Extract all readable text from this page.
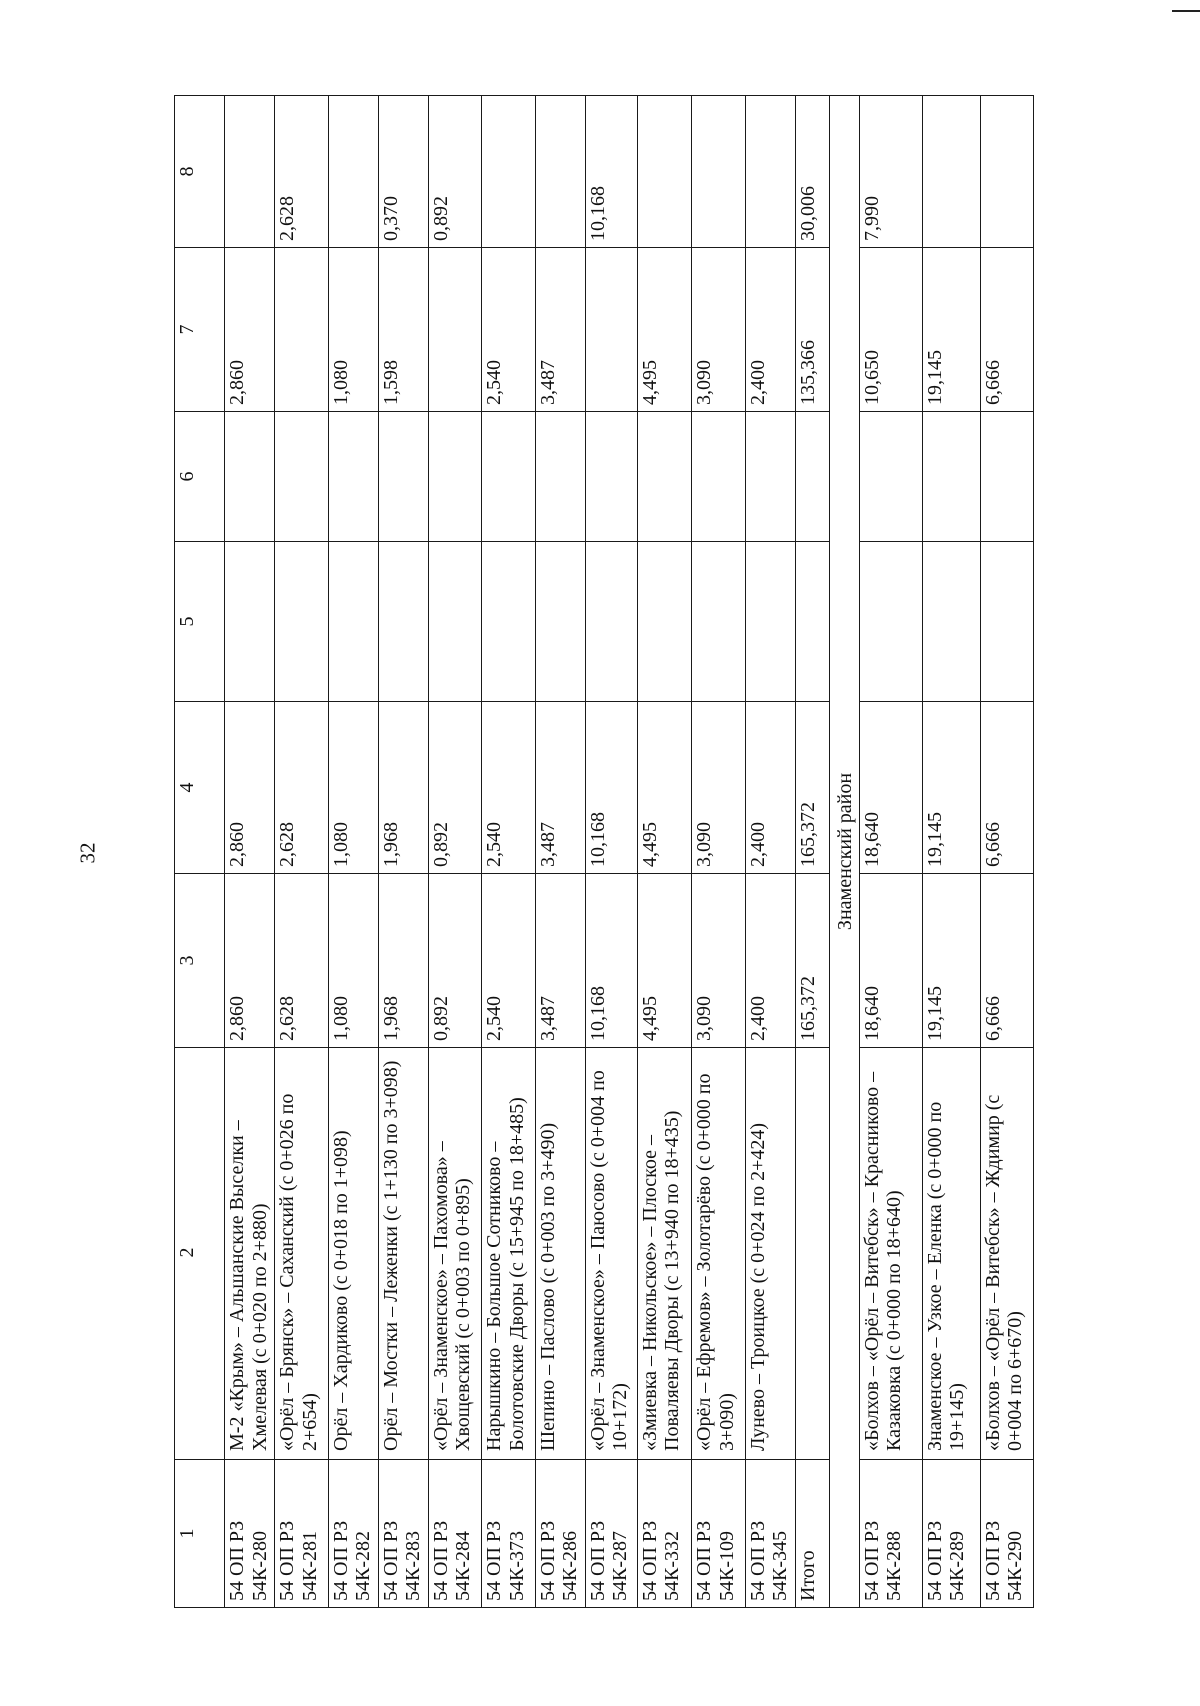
32
1	2	3	4	5	6	7	8
54 ОП РЗ 54К-280	М-2 «Крым» – Альшанские Выселки – Хмелевая (с 0+020 по 2+880)	2,860	2,860			2,860	
54 ОП РЗ 54К-281	«Орёл – Брянск» – Саханский (с 0+026 по 2+654)	2,628	2,628				2,628
54 ОП РЗ 54К-282	Орёл – Хардиково (с 0+018 по 1+098)	1,080	1,080			1,080	
54 ОП РЗ 54К-283	Орёл – Мостки – Леженки (с 1+130 по 3+098)	1,968	1,968			1,598	0,370
54 ОП РЗ 54К-284	«Орёл – Знаменское» – Пахомова» – Хвощевский (с 0+003 по 0+895)	0,892	0,892				0,892
54 ОП РЗ 54К-373	Нарышкино – Большое Сотниково – Болотовские Дворы (с 15+945 по 18+485)	2,540	2,540			2,540	
54 ОП РЗ 54К-286	Шепино – Паслово (с 0+003 по 3+490)	3,487	3,487			3,487	
54 ОП РЗ 54К-287	«Орёл – Знаменское» – Паюсово (с 0+004 по 10+172)	10,168	10,168				10,168
54 ОП РЗ 54К-332	«Змиевка – Никольское» – Плоское – Поваляевы Дворы (с 13+940 по 18+435)	4,495	4,495			4,495	
54 ОП РЗ 54К-109	«Орёл – Ефремов» – Золотарёво (с 0+000 по 3+090)	3,090	3,090			3,090	
54 ОП РЗ 54К-345	Лунево – Троицкое (с 0+024 по 2+424)	2,400	2,400			2,400	
Итого		165,372	165,372			135,366	30,006
Знаменский район							
54 ОП РЗ 54К-288	«Болхов – «Орёл – Витебск» – Красниково – Казаковка (с 0+000 по 18+640)	18,640	18,640			10,650	7,990
54 ОП РЗ 54К-289	Знаменское – Узкое – Еленка (с 0+000 по 19+145)	19,145	19,145			19,145	
54 ОП РЗ 54К-290	«Болхов – «Орёл – Витебск» – Ждимир (с 0+004 по 6+670)	6,666	6,666			6,666	
